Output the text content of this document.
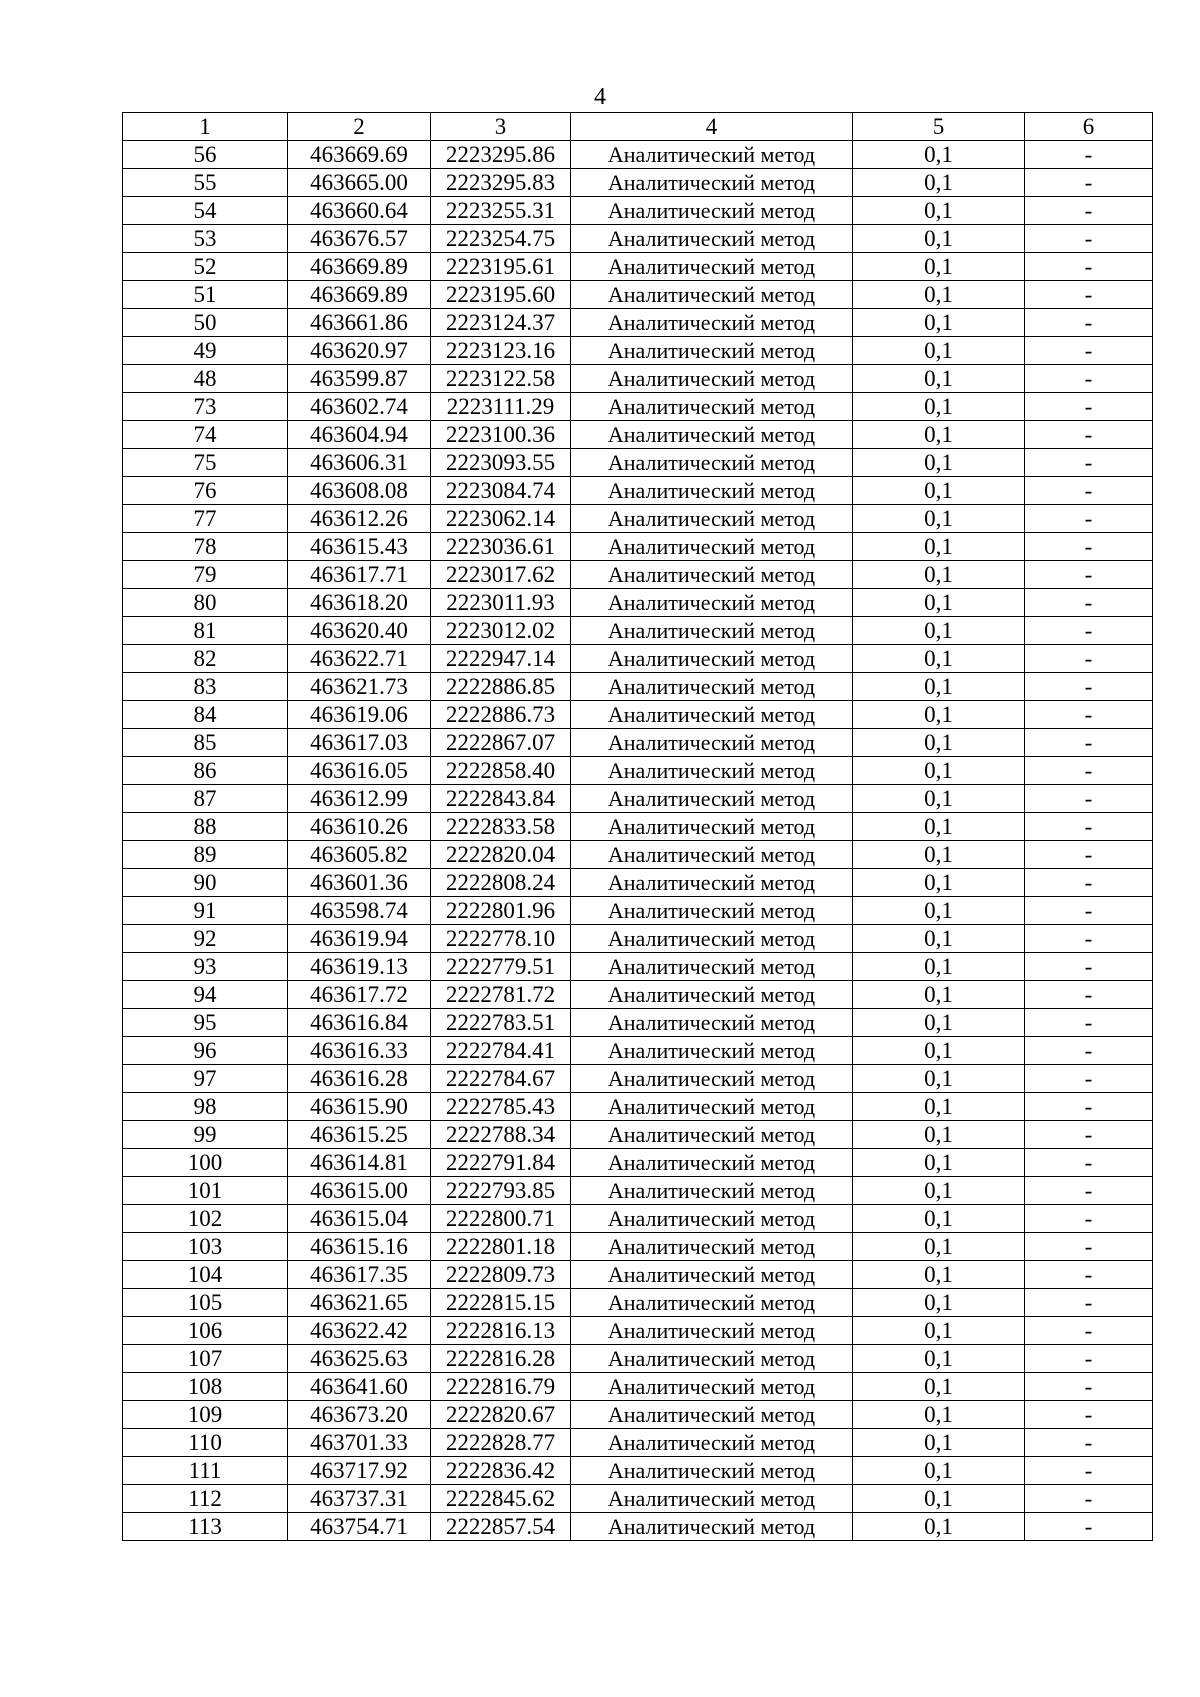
4
1	2	3	4	5	6
56	463669.69	2223295.86	Аналитический метод	0,1	-
55	463665.00	2223295.83	Аналитический метод	0,1	-
54	463660.64	2223255.31	Аналитический метод	0,1	-
53	463676.57	2223254.75	Аналитический метод	0,1	-
52	463669.89	2223195.61	Аналитический метод	0,1	-
51	463669.89	2223195.60	Аналитический метод	0,1	-
50	463661.86	2223124.37	Аналитический метод	0,1	-
49	463620.97	2223123.16	Аналитический метод	0,1	-
48	463599.87	2223122.58	Аналитический метод	0,1	-
73	463602.74	2223111.29	Аналитический метод	0,1	-
74	463604.94	2223100.36	Аналитический метод	0,1	-
75	463606.31	2223093.55	Аналитический метод	0,1	-
76	463608.08	2223084.74	Аналитический метод	0,1	-
77	463612.26	2223062.14	Аналитический метод	0,1	-
78	463615.43	2223036.61	Аналитический метод	0,1	-
79	463617.71	2223017.62	Аналитический метод	0,1	-
80	463618.20	2223011.93	Аналитический метод	0,1	-
81	463620.40	2223012.02	Аналитический метод	0,1	-
82	463622.71	2222947.14	Аналитический метод	0,1	-
83	463621.73	2222886.85	Аналитический метод	0,1	-
84	463619.06	2222886.73	Аналитический метод	0,1	-
85	463617.03	2222867.07	Аналитический метод	0,1	-
86	463616.05	2222858.40	Аналитический метод	0,1	-
87	463612.99	2222843.84	Аналитический метод	0,1	-
88	463610.26	2222833.58	Аналитический метод	0,1	-
89	463605.82	2222820.04	Аналитический метод	0,1	-
90	463601.36	2222808.24	Аналитический метод	0,1	-
91	463598.74	2222801.96	Аналитический метод	0,1	-
92	463619.94	2222778.10	Аналитический метод	0,1	-
93	463619.13	2222779.51	Аналитический метод	0,1	-
94	463617.72	2222781.72	Аналитический метод	0,1	-
95	463616.84	2222783.51	Аналитический метод	0,1	-
96	463616.33	2222784.41	Аналитический метод	0,1	-
97	463616.28	2222784.67	Аналитический метод	0,1	-
98	463615.90	2222785.43	Аналитический метод	0,1	-
99	463615.25	2222788.34	Аналитический метод	0,1	-
100	463614.81	2222791.84	Аналитический метод	0,1	-
101	463615.00	2222793.85	Аналитический метод	0,1	-
102	463615.04	2222800.71	Аналитический метод	0,1	-
103	463615.16	2222801.18	Аналитический метод	0,1	-
104	463617.35	2222809.73	Аналитический метод	0,1	-
105	463621.65	2222815.15	Аналитический метод	0,1	-
106	463622.42	2222816.13	Аналитический метод	0,1	-
107	463625.63	2222816.28	Аналитический метод	0,1	-
108	463641.60	2222816.79	Аналитический метод	0,1	-
109	463673.20	2222820.67	Аналитический метод	0,1	-
110	463701.33	2222828.77	Аналитический метод	0,1	-
111	463717.92	2222836.42	Аналитический метод	0,1	-
112	463737.31	2222845.62	Аналитический метод	0,1	-
113	463754.71	2222857.54	Аналитический метод	0,1	-
